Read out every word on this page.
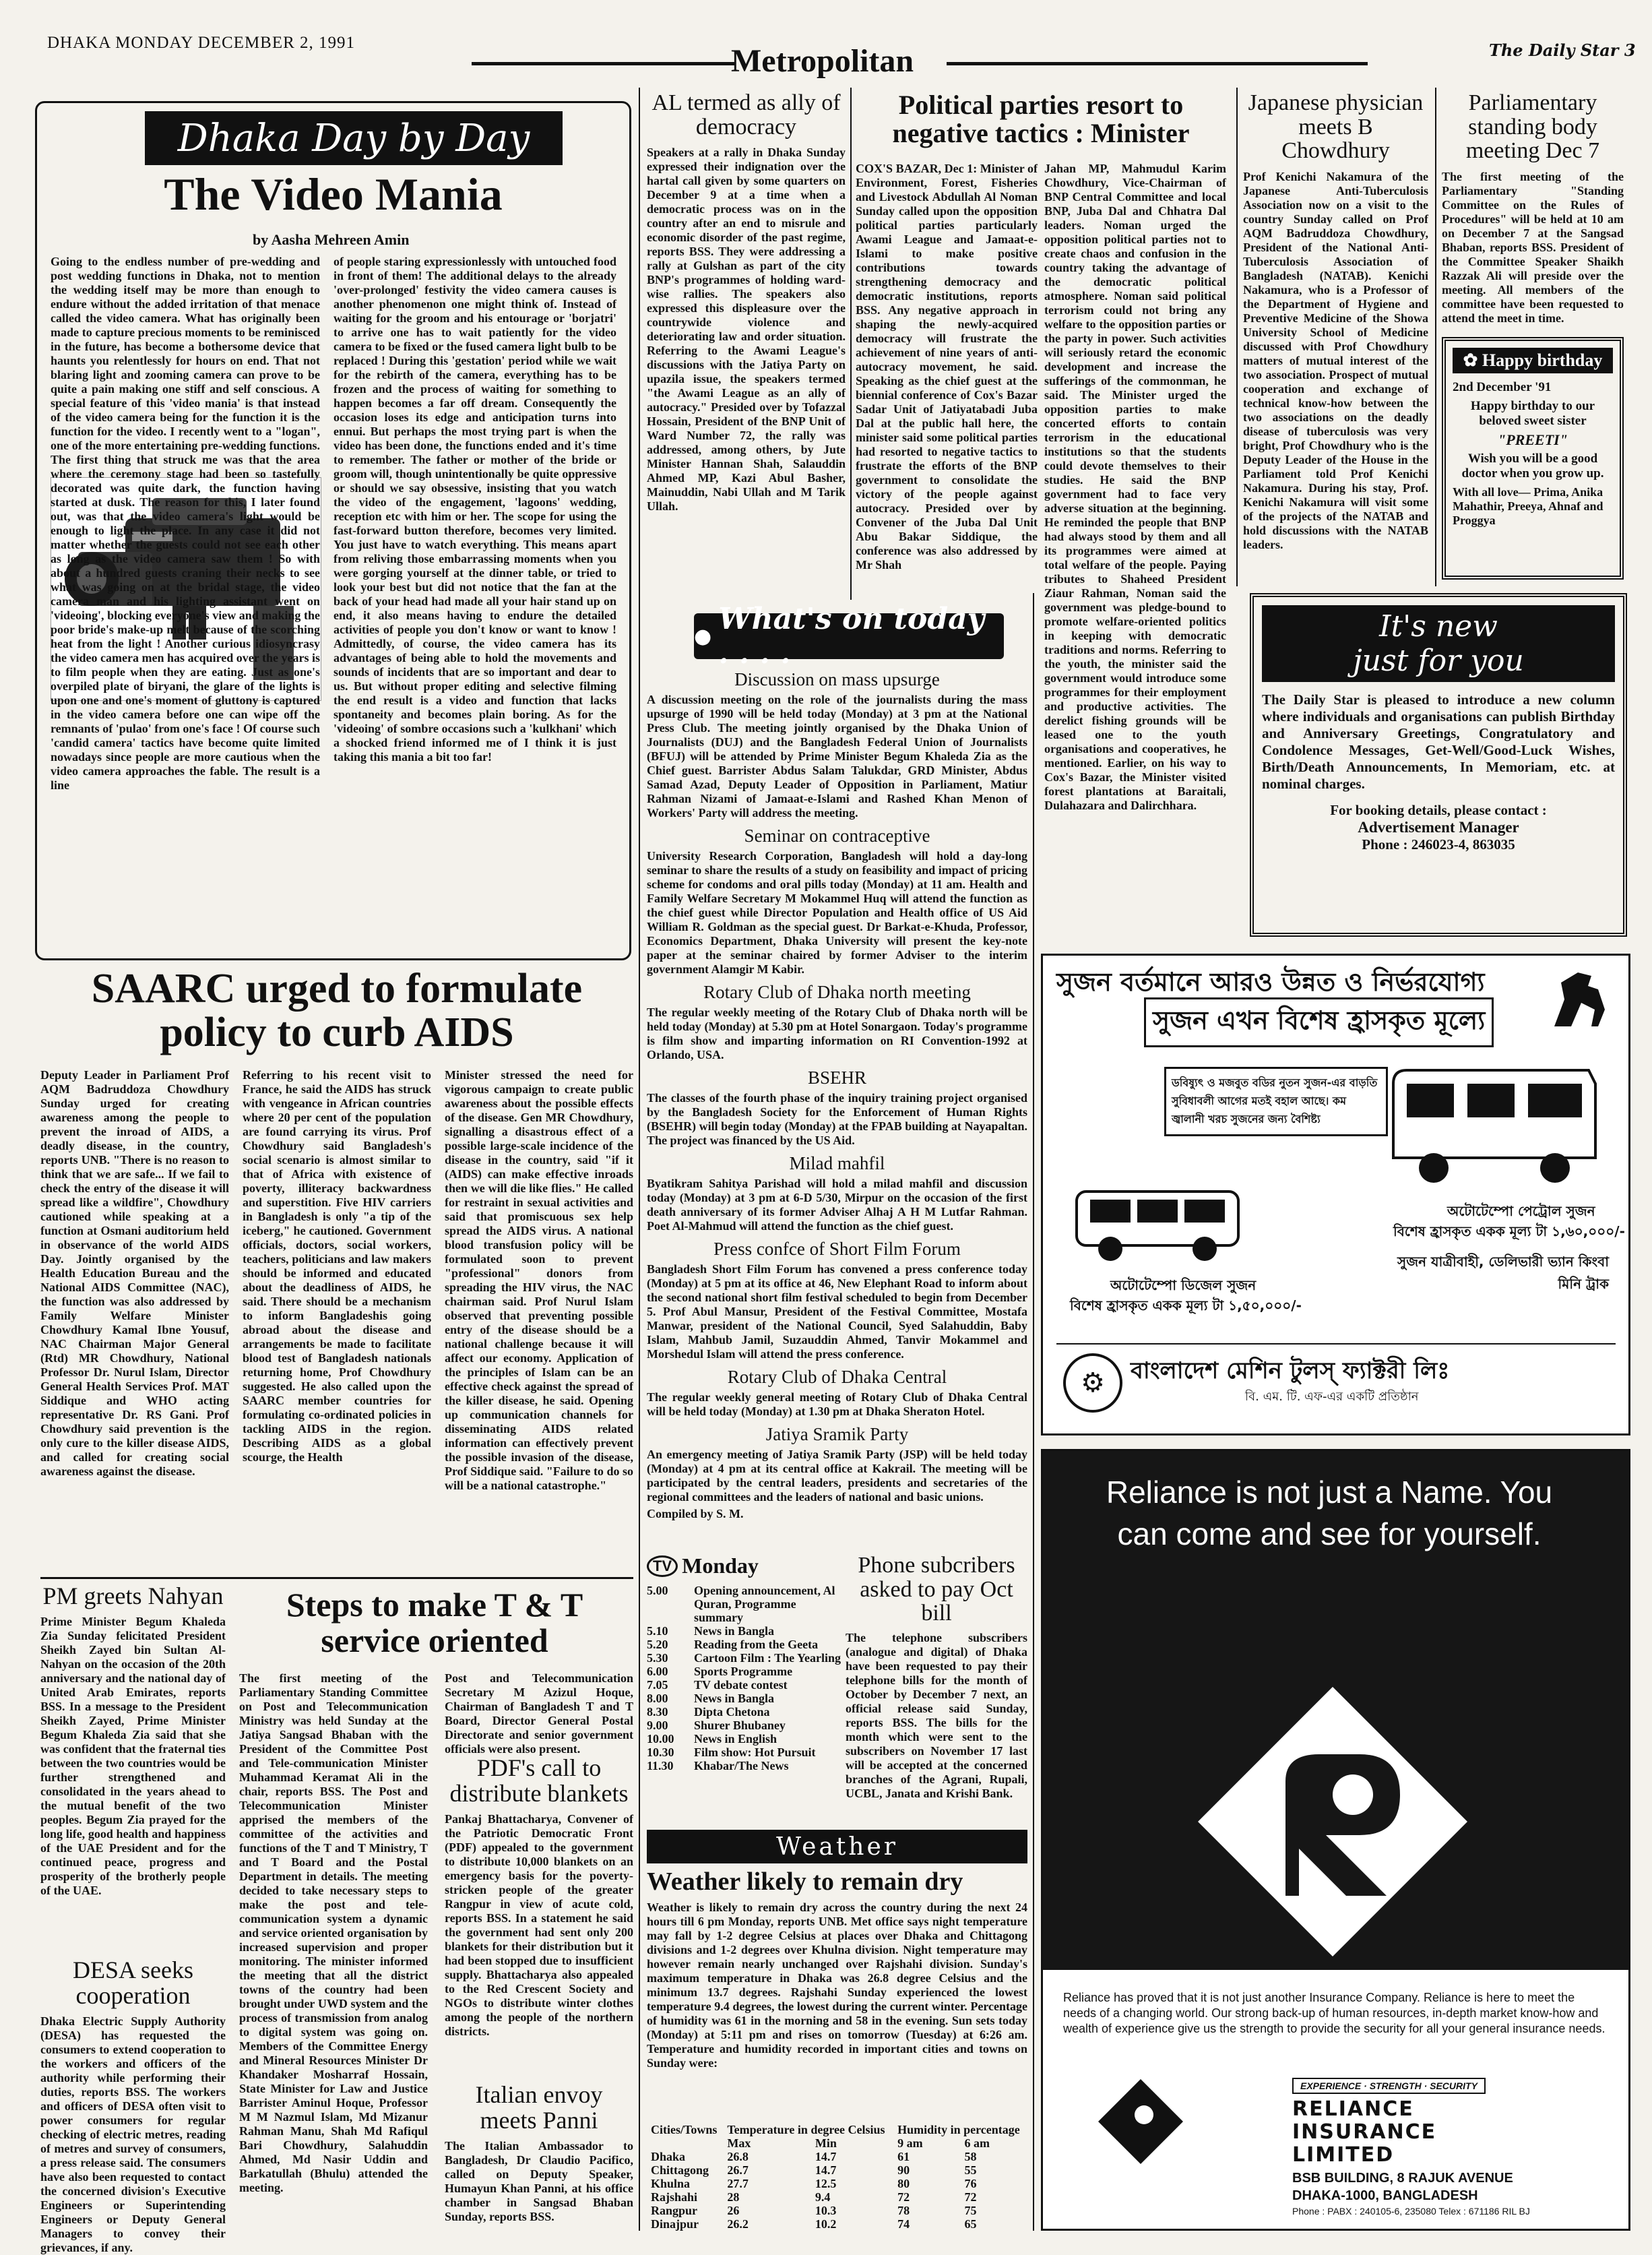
DHAKA MONDAY DECEMBER 2, 1991
Metropolitan	The Daily Star 3
Dhaka Day by Day
The Video Mania
by Aasha Mehreen Amin
Going to the endless number of pre-wedding and post wedding functions in Dhaka, not to mention the wedding itself may be more than enough to endure without the added irritation of that menace called the video camera. What has originally been made to capture precious moments to be reminisced in the future, has become a bothersome device that haunts you relentlessly for hours on end. That not blaring light and zooming camera can prove to be quite a pain making one stiff and self conscious. A special feature of this 'video mania' is that instead of the video camera being for the function it is the function for the video. I recently went to a "logan", one of the more entertaining pre-wedding functions. The first thing that struck me was that the area where the ceremony stage had been so tastefully decorated was quite dark, the function having started at dusk. The reason for this, I later found out, was that the video camera's light would be enough to light the place. In any case it did not matter whether the guests could not see each other as long as the video camera saw them ! So with about a hundred guests craning their necks to see what was going on at the bridal stage, the video camera man and his lighting assistant went on 'videoing', blocking everyone's view and making the poor bride's make-up melt because of the scorching heat from the light ! Another curious idiosyncrasy the video camera men has acquired over the years is to film people when they are eating. Just as one's overpiled plate of biryani, the glare of the lights is upon one and one's moment of gluttony is captured in the video camera before one can wipe off the remnants of 'pulao' from one's face ! Of course such 'candid camera' tactics have become quite limited nowadays since people are more cautious when the video camera approaches the fable. The result is a line
of people staring expressionlessly with untouched food in front of them! The additional delays to the already 'over-prolonged' festivity the video camera causes is another phenomenon one might think of. Instead of waiting for the groom and his entourage or 'borjatri' to arrive one has to wait patiently for the video camera to be fixed or the fused camera light bulb to be replaced ! During this 'gestation' period while we wait for the rebirth of the camera, everything has to be frozen and the process of waiting for something to happen becomes a far off dream. Consequently the occasion loses its edge and anticipation turns into ennui. But perhaps the most trying part is when the video has been done, the functions ended and it's time to remember. The father or mother of the bride or groom will, though unintentionally be quite oppressive or should we say obsessive, insisting that you watch the video of the engagement, 'lagoons' wedding, reception etc with him or her. The scope for using the fast-forward button therefore, becomes very limited. You just have to watch everything. This means apart from reliving those embarrassing moments when you were gorging yourself at the dinner table, or tried to look your best but did not notice that the fan at the back of your head had made all your hair stand up on end, it also means having to endure the detailed activities of people you don't know or want to know ! Admittedly, of course, the video camera has its advantages of being able to hold the movements and sounds of incidents that are so important and dear to us. But without proper editing and selective filming the end result is a video and function that lacks spontaneity and becomes plain boring. As for the 'videoing' of sombre occasions such a 'kulkhani' which a shocked friend informed me of I think it is just taking this mania a bit too far!
AL termed as ally of democracy
Speakers at a rally in Dhaka Sunday expressed their indignation over the hartal call given by some quarters on December 9 at a time when a democratic process was on in the country after an end to misrule and economic disorder of the past regime, reports BSS. They were addressing a rally at Gulshan as part of the city BNP's programmes of holding ward-wise rallies. The speakers also expressed this displeasure over the countrywide violence and deteriorating law and order situation. Referring to the Awami League's discussions with the Jatiya Party on upazila issue, the speakers termed "the Awami League as an ally of autocracy." Presided over by Tofazzal Hossain, President of the BNP Unit of Ward Number 72, the rally was addressed, among others, by Jute Minister Hannan Shah, Salauddin Ahmed MP, Kazi Abul Basher, Mainuddin, Nabi Ullah and M Tarik Ullah.
Political parties resort to negative tactics : Minister
COX'S BAZAR, Dec 1: Minister of Environment, Forest, Fisheries and Livestock Abdullah Al Noman Sunday called upon the opposition political parties particularly Awami League and Jamaat-e-Islami to make positive contributions towards strengthening democracy and democratic institutions, reports BSS. Any negative approach in shaping the newly-acquired democracy will frustrate the achievement of nine years of anti-autocracy movement, he said. Speaking as the chief guest at the biennial conference of Cox's Bazar Sadar Unit of Jatiyatabadi Juba Dal at the public hall here, the minister said some political parties had resorted to negative tactics to frustrate the efforts of the BNP government to consolidate the victory of the people against autocracy. Presided over by Convener of the Juba Dal Unit Abu Bakar Siddique, the conference was also addressed by Mr Shah
Jahan MP, Mahmudul Karim Chowdhury, Vice-Chairman of BNP Central Committee and local BNP, Juba Dal and Chhatra Dal leaders. Noman urged the opposition political parties not to create chaos and confusion in the country taking the advantage of the democratic political atmosphere. Noman said political terrorism could not bring any welfare to the opposition parties or the party in power. Such activities will seriously retard the economic development and increase the sufferings of the commonman, he said. The Minister urged the opposition parties to make concerted efforts to contain terrorism in the educational institutions so that the students could devote themselves to their studies. He said the BNP government had to face very adverse situation at the beginning. He reminded the people that BNP had always stood by them and all its programmes were aimed at total welfare of the people. Paying tributes to Shaheed President Ziaur Rahman, Noman said the government was pledge-bound to promote welfare-oriented politics in keeping with democratic traditions and norms. Referring to the youth, the minister said the government would introduce some programmes for their employment and productive activities. The derelict fishing grounds will be leased one to the youth organisations and cooperatives, he mentioned. Earlier, on his way to Cox's Bazar, the Minister visited forest plantations at Baraitali, Dulahazara and Dalirchhara.
Japanese physician meets B Chowdhury
Prof Kenichi Nakamura of the Japanese Anti-Tuberculosis Association now on a visit to the country Sunday called on Prof AQM Badruddoza Chowdhury, President of the National Anti-Tuberculosis Association of Bangladesh (NATAB). Kenichi Nakamura, who is a Professor of the Department of Hygiene and Preventive Medicine of the Showa University School of Medicine discussed with Prof Chowdhury matters of mutual interest of the two association. Prospect of mutual cooperation and exchange of technical know-how between the two associations on the deadly disease of tuberculosis was very bright, Prof Chowdhury who is the Deputy Leader of the House in the Parliament told Prof Kenichi Nakamura. During his stay, Prof. Kenichi Nakamura will visit some of the projects of the NATAB and hold discussions with the NATAB leaders.
Parliamentary standing body meeting Dec 7
The first meeting of the Parliamentary "Standing Committee on the Rules of Procedures" will be held at 10 am on December 7 at the Sangsad Bhaban, reports BSS. President of the Committee Speaker Shaikh Razzak Ali will preside over the meeting. All members of the committee have been requested to attend the meet in time.
✿ Happy birthday
2nd December '91
Happy birthday to our beloved sweet sister
"PREETI"
Wish you will be a good doctor when you grow up.
With all love— Prima, Anika Mahathir, Preeya, Ahnaf and Proggya
It's new
just for you
The Daily Star is pleased to introduce a new column where individuals and organisations can publish Birthday and Anniversary Greetings, Congratulatory and Condolence Messages, Get-Well/Good-Luck Wishes, Birth/Death Announcements, In Memoriam, etc. at nominal charges.
For booking details, please contact :
Advertisement Manager
Phone : 246023-4, 863035
● What's on today . . . .
Discussion on mass upsurge
A discussion meeting on the role of the journalists during the mass upsurge of 1990 will be held today (Monday) at 3 pm at the National Press Club. The meeting jointly organised by the Dhaka Union of Journalists (DUJ) and the Bangladesh Federal Union of Journalists (BFUJ) will be attended by Prime Minister Begum Khaleda Zia as the Chief guest. Barrister Abdus Salam Talukdar, GRD Minister, Abdus Samad Azad, Deputy Leader of Opposition in Parliament, Matiur Rahman Nizami of Jamaat-e-Islami and Rashed Khan Menon of Workers' Party will address the meeting.
Seminar on contraceptive
University Research Corporation, Bangladesh will hold a day-long seminar to share the results of a study on feasibility and impact of pricing scheme for condoms and oral pills today (Monday) at 11 am. Health and Family Welfare Secretary M Mokammel Huq will attend the function as the chief guest while Director Population and Health office of US Aid William R. Goldman as the special guest. Dr Barkat-e-Khuda, Professor, Economics Department, Dhaka University will present the key-note paper at the seminar chaired by former Adviser to the interim government Alamgir M Kabir.
Rotary Club of Dhaka north meeting
The regular weekly meeting of the Rotary Club of Dhaka north will be held today (Monday) at 5.30 pm at Hotel Sonargaon. Today's programme is film show and imparting information on RI Convention-1992 at Orlando, USA.
BSEHR
The classes of the fourth phase of the inquiry training project organised by the Bangladesh Society for the Enforcement of Human Rights (BSEHR) will begin today (Monday) at the FPAB building at Nayapaltan. The project was financed by the US Aid.
Milad mahfil
Byatikram Sahitya Parishad will hold a milad mahfil and discussion today (Monday) at 3 pm at 6-D 5/30, Mirpur on the occasion of the first death anniversary of its former Adviser Alhaj A H M Lutfar Rahman. Poet Al-Mahmud will attend the function as the chief guest.
Press confce of Short Film Forum
Bangladesh Short Film Forum has convened a press conference today (Monday) at 5 pm at its office at 46, New Elephant Road to inform about the second national short film festival scheduled to begin from December 5. Prof Abul Mansur, President of the Festival Committee, Mostafa Manwar, president of the National Council, Syed Salahuddin, Baby Islam, Mahbub Jamil, Suzauddin Ahmed, Tanvir Mokammel and Morshedul Islam will attend the press conference.
Rotary Club of Dhaka Central
The regular weekly general meeting of Rotary Club of Dhaka Central will be held today (Monday) at 1.30 pm at Dhaka Sheraton Hotel.
Jatiya Sramik Party
An emergency meeting of Jatiya Sramik Party (JSP) will be held today (Monday) at 4 pm at its central office at Kakrail. The meeting will be participated by the central leaders, presidents and secretaries of the regional committees and the leaders of national and basic unions.
Compiled by S. M.
সুজন বর্তমানে আরও উন্নত ও নির্ভরযোগ্য
সুজন এখন বিশেষ হ্রাসকৃত মূল্যে
ডবিষ্যুৎ ও মজবুত বডির নুতন সুজন-এর বাড়তি সুবিধাবলী আগের মতই বহাল আছে। কম জ্বালানী খরচ সুজনের জন্য বৈশিষ্ট্য
অটোটেম্পো পেট্রোল সুজন
বিশেষ হ্রাসকৃত একক মূল্য টা ১,৬০,০০০/-
সুজন যাত্রীবাহী, ডেলিভারী ভ্যান কিংবা মিনি ট্রাক
অটোটেম্পো ডিজেল সুজন
বিশেষ হ্রাসকৃত একক মূল্য টা ১,৫০,০০০/-
⚙	বাংলাদেশ মেশিন টুলস্ ফ্যাক্টরী লিঃ
বি. এম. টি. এফ-এর একটি প্রতিষ্ঠান
Reliance is not just a Name. You can come and see for yourself.
Reliance has proved that it is not just another Insurance Company. Reliance is here to meet the needs of a changing world. Our strong back-up of human resources, in-depth market know-how and wealth of experience give us the strength to provide the security for all your general insurance needs.
EXPERIENCE · STRENGTH · SECURITY
RELIANCE INSURANCE LIMITED
BSB BUILDING, 8 RAJUK AVENUE
DHAKA-1000, BANGLADESH
Phone : PABX : 240105-6, 235080 Telex : 671186 RIL BJ
SAARC urged to formulate policy to curb AIDS
Deputy Leader in Parliament Prof AQM Badruddoza Chowdhury Sunday urged for creating awareness among the people to prevent the inroad of AIDS, a deadly disease, in the country, reports UNB. "There is no reason to think that we are safe... If we fail to check the entry of the disease it will spread like a wildfire", Chowdhury cautioned while speaking at a function at Osmani auditorium held in observance of the world AIDS Day. Jointly organised by the Health Education Bureau and the National AIDS Committee (NAC), the function was also addressed by Family Welfare Minister Chowdhury Kamal Ibne Yousuf, NAC Chairman Major General (Rtd) MR Chowdhury, National Professor Dr. Nurul Islam, Director General Health Services Prof. MAT Siddique and WHO acting representative Dr. RS Gani. Prof Chowdhury said prevention is the only cure to the killer disease AIDS, and called for creating social awareness against the disease.
Referring to his recent visit to France, he said the AIDS has struck with vengeance in African countries where 20 per cent of the population are found carrying its virus. Prof Chowdhury said Bangladesh's social scenario is almost similar to that of Africa with existence of poverty, illiteracy backwardness and superstition. Five HIV carriers in Bangladesh is only "a tip of the iceberg," he cautioned. Government officials, doctors, social workers, teachers, politicians and law makers should be informed and educated about the deadliness of AIDS, he said. There should be a mechanism to inform Bangladeshis going abroad about the disease and arrangements be made to facilitate blood test of Bangladesh nationals returning home, Prof Chowdhury suggested. He also called upon the SAARC member countries for formulating co-ordinated policies in tackling AIDS in the region. Describing AIDS as a global scourge, the Health
Minister stressed the need for vigorous campaign to create public awareness about the possible effects of the disease. Gen MR Chowdhury, signalling a disastrous effect of a possible large-scale incidence of the disease in the country, said "if it (AIDS) can make effective inroads then we will die like flies." He called for restraint in sexual activities and said that promiscuous sex help spread the AIDS virus. A national blood transfusion policy will be formulated soon to prevent "professional" donors from spreading the HIV virus, the NAC chairman said. Prof Nurul Islam observed that preventing possible entry of the disease should be a national challenge because it will affect our economy. Application of the principles of Islam can be an effective check against the spread of the killer disease, he said. Opening up communication channels for disseminating AIDS related information can effectively prevent the possible invasion of the disease, Prof Siddique said. "Failure to do so will be a national catastrophe."
PM greets Nahyan
Prime Minister Begum Khaleda Zia Sunday felicitated President Sheikh Zayed bin Sultan Al-Nahyan on the occasion of the 20th anniversary and the national day of United Arab Emirates, reports BSS. In a message to the President Sheikh Zayed, Prime Minister Begum Khaleda Zia said that she was confident that the fraternal ties between the two countries would be further strengthened and consolidated in the years ahead to the mutual benefit of the two peoples. Begum Zia prayed for the long life, good health and happiness of the UAE President and for the continued peace, progress and prosperity of the brotherly people of the UAE.
DESA seeks cooperation
Dhaka Electric Supply Authority (DESA) has requested the consumers to extend cooperation to the workers and officers of the authority while performing their duties, reports BSS. The workers and officers of DESA often visit to power consumers for regular checking of electric metres, reading of metres and survey of consumers, a press release said. The consumers have also been requested to contact the concerned division's Executive Engineers or Superintending Engineers or Deputy General Managers to convey their grievances, if any.
Steps to make T & T service oriented
The first meeting of the Parliamentary Standing Committee on Post and Telecommunication Ministry was held Sunday at the Jatiya Sangsad Bhaban with the President of the Committee Post and Tele-communication Minister Muhammad Keramat Ali in the chair, reports BSS. The Post and Telecommunication Minister apprised the members of the committee of the activities and functions of the T and T Ministry, T and T Board and the Postal Department in details. The meeting decided to take necessary steps to make the post and tele-communication system a dynamic and service oriented organisation by increased supervision and proper monitoring. The minister informed the meeting that all the district towns of the country had been brought under UWD system and the process of transmission from analog to digital system was going on. Members of the Committee Energy and Mineral Resources Minister Dr Khandaker Mosharraf Hossain, State Minister for Law and Justice Barrister Aminul Hoque, Professor M M Nazmul Islam, Md Mizanur Rahman Manu, Shah Md Rafiqul Bari Chowdhury, Salahuddin Ahmed, Md Nasir Uddin and Barkatullah (Bhulu) attended the meeting.
Post and Telecommunication Secretary M Azizul Hoque, Chairman of Bangladesh T and T Board, Director General Postal Directorate and senior government officials were also present.
PDF's call to distribute blankets
Pankaj Bhattacharya, Convener of the Patriotic Democratic Front (PDF) appealed to the government to distribute 10,000 blankets on an emergency basis for the poverty-stricken people of the greater Rangpur in view of acute cold, reports BSS. In a statement he said the government had sent only 200 blankets for their distribution but it had been stopped due to insufficient supply. Bhattacharya also appealed to the Red Crescent Society and NGOs to distribute winter clothes among the people of the northern districts.
Italian envoy meets Panni
The Italian Ambassador to Bangladesh, Dr Claudio Pacifico, called on Deputy Speaker, Humayun Khan Panni, at his office chamber in Sangsad Bhaban Sunday, reports BSS.
TV Monday
5.00	Opening announcement, Al Quran, Programme summary
5.10	News in Bangla
5.20	Reading from the Geeta
5.30	Cartoon Film : The Yearling
6.00	Sports Programme
7.05	TV debate contest
8.00	News in Bangla
8.30	Dipta Chetona
9.00	Shurer Bhubaney
10.00	News in English
10.30	Film show: Hot Pursuit
11.30	Khabar/The News
Phone subcribers asked to pay Oct bill
The telephone subscribers (analogue and digital) of Dhaka have been requested to pay their telephone bills for the month of October by December 7 next, an official release said Sunday, reports BSS. The bills for the month which were sent to the subscribers on November 17 last will be accepted at the concerned branches of the Agrani, Rupali, UCBL, Janata and Krishi Bank.
Weather
Weather likely to remain dry
Weather is likely to remain dry across the country during the next 24 hours till 6 pm Monday, reports UNB. Met office says night temperature may fall by 1-2 degree Celsius at places over Dhaka and Chittagong divisions and 1-2 degrees over Khulna division. Night temperature may however remain nearly unchanged over Rajshahi division. Sunday's maximum temperature in Dhaka was 26.8 degree Celsius and the minimum 13.7 degrees. Rajshahi Sunday experienced the lowest temperature 9.4 degrees, the lowest during the current winter. Percentage of humidity was 61 in the morning and 58 in the evening. Sun sets today (Monday) at 5:11 pm and rises on tomorrow (Tuesday) at 6:26 am. Temperature and humidity recorded in important cities and towns on Sunday were:
Cities/Towns	Temperature in degree Celsius		Humidity in percentage	
	Max	Min	9 am	6 am
Dhaka	26.8	14.7	61	58
Chittagong	26.7	14.7	90	55
Khulna	27.7	12.5	80	76
Rajshahi	28	9.4	72	72
Rangpur	26	10.3	78	75
Dinajpur	26.2	10.2	74	65
